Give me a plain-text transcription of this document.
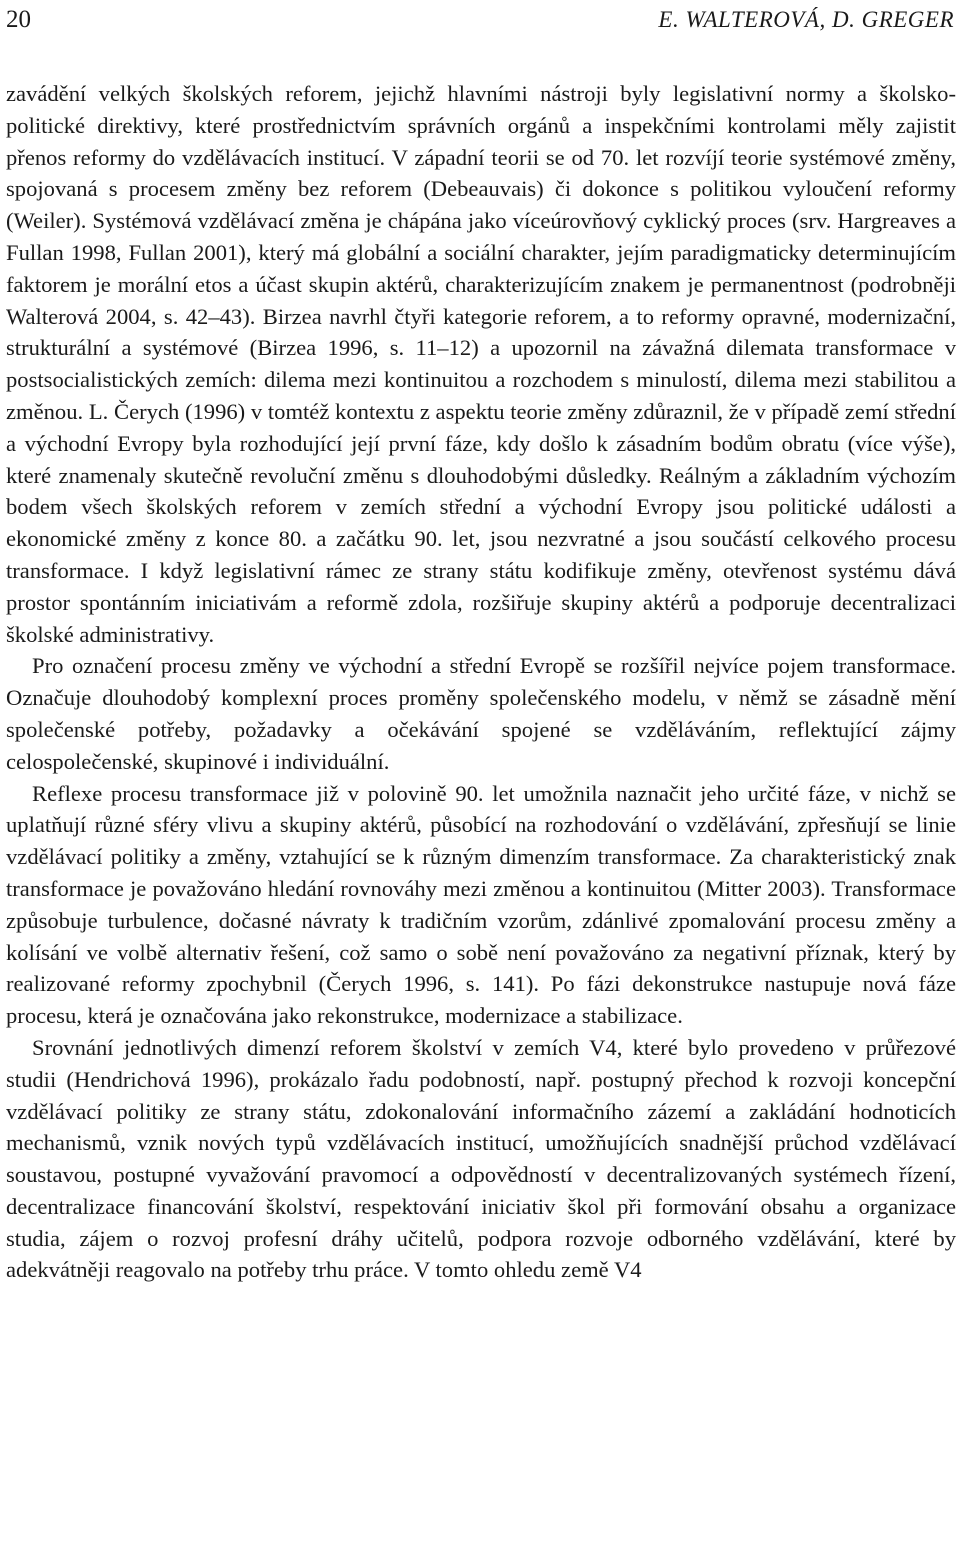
20	E. WALTEROVÁ, D. GREGER

zavádění velkých školských reforem, jejichž hlavními nástroji byly legislativní normy a školsko-politické direktivy, které prostřednictvím správních orgánů a inspekčními kontrolami měly zajistit přenos reformy do vzdělávacích institucí. V západní teorii se od 70. let rozvíjí teorie systémové změny, spojovaná s procesem změny bez reforem (Debeauvais) či dokonce s politikou vyloučení reformy (Weiler). Systémová vzdělávací změna je chápána jako víceúrovňový cyklický proces (srv. Hargreaves a Fullan 1998, Fullan 2001), který má globální a sociální charakter, jejím paradigmaticky determinujícím faktorem je morální etos a účast skupin aktérů, charakterizujícím znakem je permanentnost (podrobněji Walterová 2004, s. 42–43). Birzea navrhl čtyři kategorie reforem, a to reformy opravné, modernizační, strukturální a systémové (Birzea 1996, s. 11–12) a upozornil na závažná dilemata transformace v postsocialistických zemích: dilema mezi kontinuitou a rozchodem s minulostí, dilema mezi stabilitou a změnou. L. Čerych (1996) v tomtéž kontextu z aspektu teorie změny zdůraznil, že v případě zemí střední a východní Evropy byla rozhodující její první fáze, kdy došlo k zásadním bodům obratu (více výše), které znamenaly skutečně revoluční změnu s dlouhodobými důsledky. Reálným a základním výchozím bodem všech školských reforem v zemích střední a východní Evropy jsou politické události a ekonomické změny z konce 80. a začátku 90. let, jsou nezvratné a jsou součástí celkového procesu transformace. I když legislativní rámec ze strany státu kodifikuje změny, otevřenost systému dává prostor spontánním iniciativám a reformě zdola, rozšiřuje skupiny aktérů a podporuje decentralizaci školské administrativy.

Pro označení procesu změny ve východní a střední Evropě se rozšířil nejvíce pojem transformace. Označuje dlouhodobý komplexní proces proměny společenského modelu, v němž se zásadně mění společenské potřeby, požadavky a očekávání spojené se vzděláváním, reflektující zájmy celospolečenské, skupinové i individuální.

Reflexe procesu transformace již v polovině 90. let umožnila naznačit jeho určité fáze, v nichž se uplatňují různé sféry vlivu a skupiny aktérů, působící na rozhodování o vzdělávání, zpřesňují se linie vzdělávací politiky a změny, vztahující se k různým dimenzím transformace. Za charakteristický znak transformace je považováno hledání rovnováhy mezi změnou a kontinuitou (Mitter 2003). Transformace způsobuje turbulence, dočasné návraty k tradičním vzorům, zdánlivé zpomalování procesu změny a kolísání ve volbě alternativ řešení, což samo o sobě není považováno za negativní příznak, který by realizované reformy zpochybnil (Čerych 1996, s. 141). Po fázi dekonstrukce nastupuje nová fáze procesu, která je označována jako rekonstrukce, modernizace a stabilizace.

Srovnání jednotlivých dimenzí reforem školství v zemích V4, které bylo provedeno v průřezové studii (Hendrichová 1996), prokázalo řadu podobností, např. postupný přechod k rozvoji koncepční vzdělávací politiky ze strany státu, zdokonalování informačního zázemí a zakládání hodnoticích mechanismů, vznik nových typů vzdělávacích institucí, umožňujících snadnější průchod vzdělávací soustavou, postupné vyvažování pravomocí a odpovědností v decentralizovaných systémech řízení, decentralizace financování školství, respektování iniciativ škol při formování obsahu a organizace studia, zájem o rozvoj profesní dráhy učitelů, podpora rozvoje odborného vzdělávání, které by adekvátněji reagovalo na potřeby trhu práce. V tomto ohledu země V4
